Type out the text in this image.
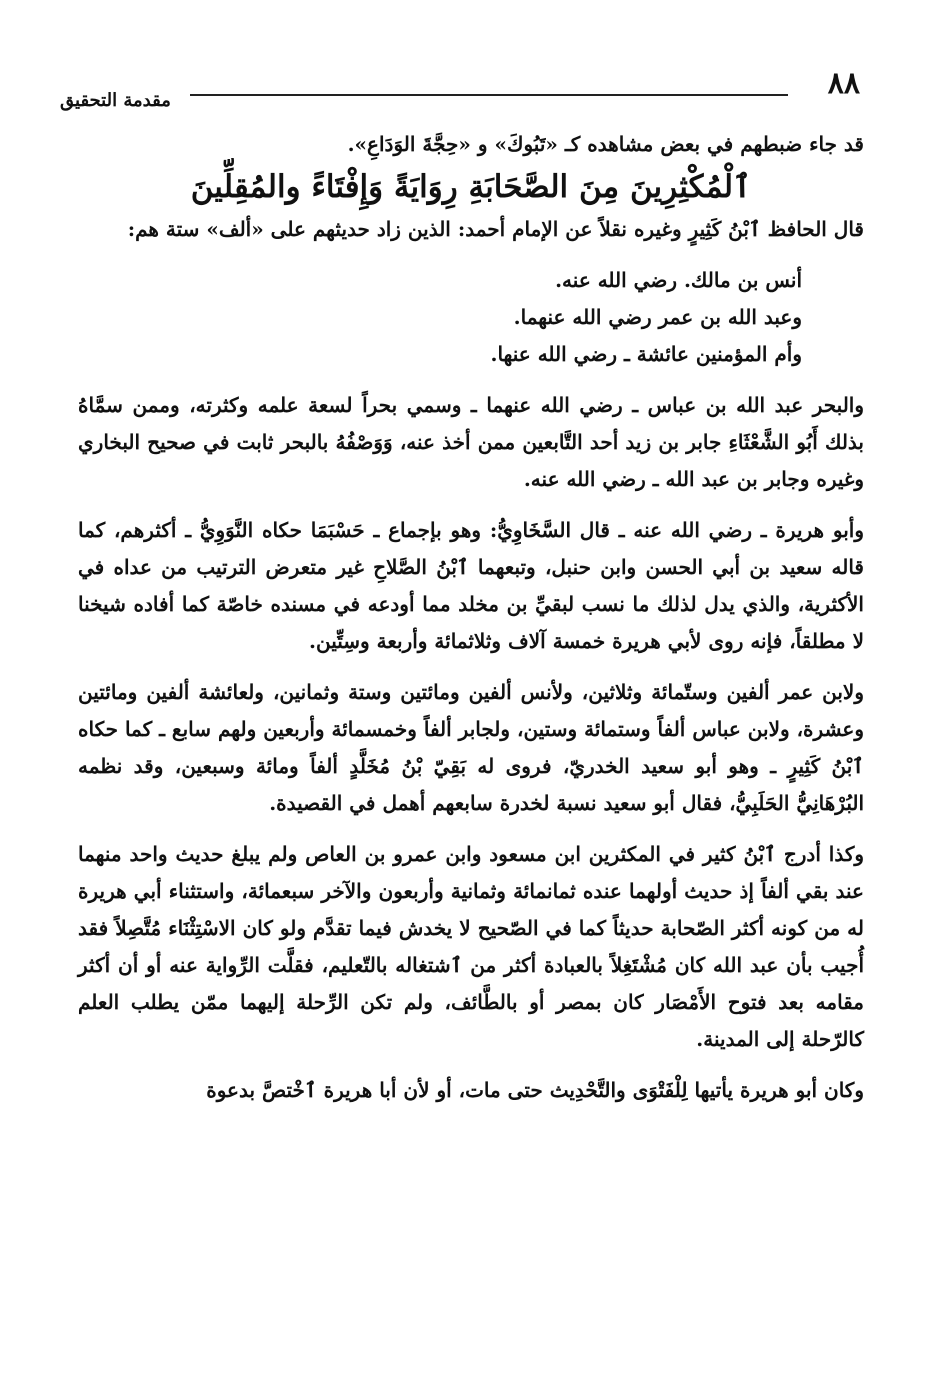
٨٨
مقدمة التحقيق

قد جاء ضبطهم في بعض مشاهده كـ «تَبُوكَ» و «حِجَّةَ الوَدَاعِ».

ٱلْمُكْثِرِينَ مِنَ الصَّحَابَةِ رِوَايَةً وَإِفْتَاءً والمُقِلِّينَ

قال الحافظ ٱبْنُ كَثِيرٍ وغيره نقلاً عن الإمام أحمد: الذين زاد حديثهم على «ألف» ستة هم:

أنس بن مالك. رضي الله عنه.

وعبد الله بن عمر رضي الله عنهما.

وأم المؤمنين عائشة ـ رضي الله عنها.

والبحر عبد الله بن عباس ـ رضي الله عنهما ـ وسمي بحراً لسعة علمه وكثرته، وممن سمَّاهُ بذلك أَبُو الشَّعْثَاءِ جابر بن زيد أحد التَّابعين ممن أخذ عنه، وَوَصْفُهُ بالبحر ثابت في صحيح البخاري وغيره وجابر بن عبد الله ـ رضي الله عنه.

وأبو هريرة ـ رضي الله عنه ـ قال السَّخَاوِيُّ: وهو بإجماع ـ حَسْبَمَا حكاه النَّوَوِيُّ ـ أكثرهم، كما قاله سعيد بن أبي الحسن وابن حنبل، وتبعهما ٱبْنُ الصَّلاحِ غير متعرض الترتيب من عداه في الأكثرية، والذي يدل لذلك ما نسب لبقيِّ بن مخلد مما أودعه في مسنده خاصّة كما أفاده شيخنا لا مطلقاً، فإنه روى لأبي هريرة خمسة آلاف وثلاثمائة وأربعة وسِتِّين.

ولابن عمر ألفين وستّمائة وثلاثين، ولأنس ألفين ومائتين وستة وثمانين، ولعائشة ألفين ومائتين وعشرة، ولابن عباس ألفاً وستمائة وستين، ولجابر ألفاً وخمسمائة وأربعين ولهم سابع ـ كما حكاه ٱبْنُ كَثِيرٍ ـ وهو أبو سعيد الخدريّ، فروى له بَقِيّ بْنُ مُخَلَّدٍ ألفاً ومائة وسبعين، وقد نظمه البُرْهَانِيُّ الحَلَبِيُّ، فقال أبو سعيد نسبة لخدرة سابعهم أهمل في القصيدة.

وكذا أدرج ٱبْنُ كثير في المكثرين ابن مسعود وابن عمرو بن العاص ولم يبلغ حديث واحد منهما عند بقي ألفاً إذ حديث أولهما عنده ثمانمائة وثمانية وأربعون والآخر سبعمائة، واستثناء أبي هريرة له من كونه أكثر الصّحابة حديثاً كما في الصّحيح لا يخدش فيما تقدَّم ولو كان الاسْتِثْنَاء مُتَّصِلاً فقد أُجيب بأن عبد الله كان مُشْتَغِلاً بالعبادة أكثر من ٱشتغاله بالتّعليم، فقلَّت الرِّواية عنه أو أن أكثر مقامه بعد فتوح الأَمْصَار كان بمصر أو بالطَّائف، ولم تكن الرِّحلة إليهما ممّن يطلب العلم كالرّحلة إلى المدينة.

وكان أبو هريرة يأتيها لِلْفَتْوَى والتَّحْدِيث حتى مات، أو لأن أبا هريرة ٱخْتصَّ بدعوة
